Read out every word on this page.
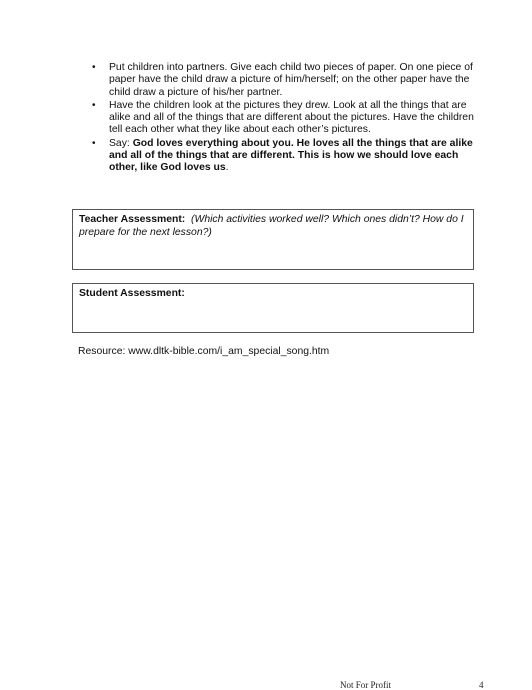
• Put children into partners. Give each child two pieces of paper. On one piece of paper have the child draw a picture of him/herself; on the other paper have the child draw a picture of his/her partner.
• Have the children look at the pictures they drew. Look at all the things that are alike and all of the things that are different about the pictures. Have the children tell each other what they like about each other’s pictures.
• Say: God loves everything about you. He loves all the things that are alike and all of the things that are different. This is how we should love each other, like God loves us.
Teacher Assessment: (Which activities worked well? Which ones didn’t? How do I prepare for the next lesson?)
Student Assessment:
Resource: www.dltk-bible.com/i_am_special_song.htm
Not For Profit	4
